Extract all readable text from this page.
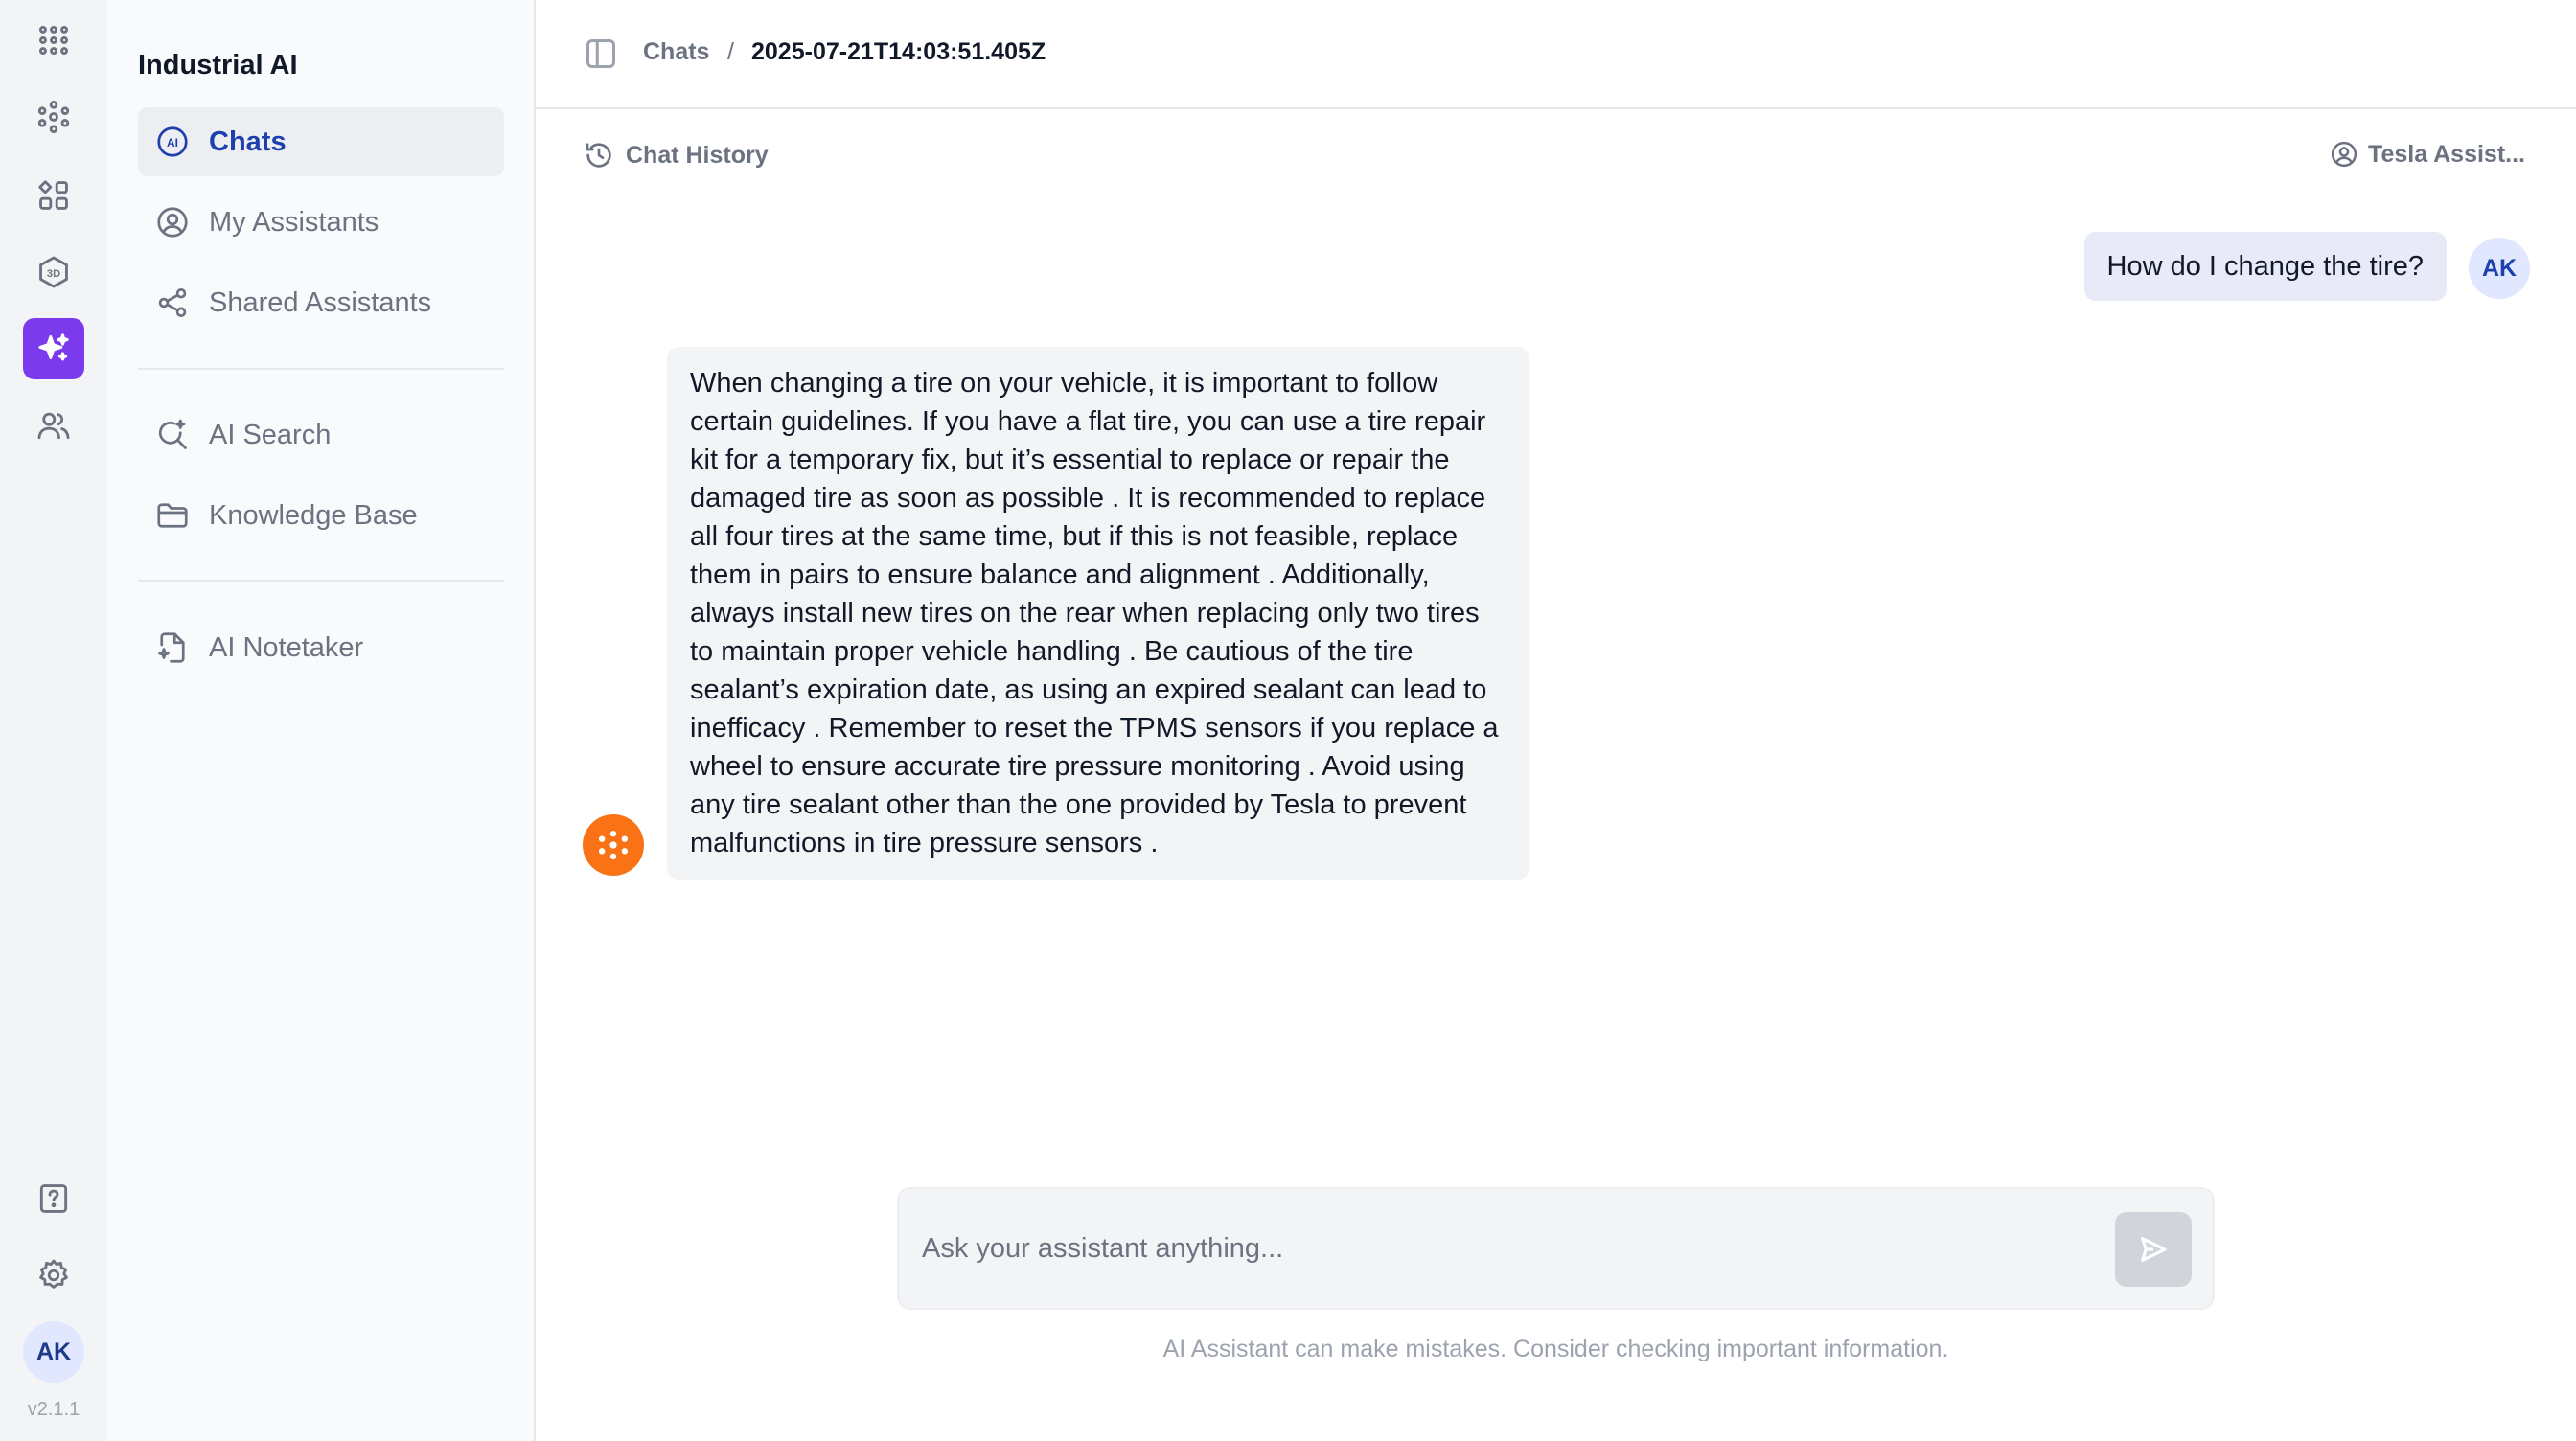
3D
AK
v2.1.1
Industrial AI
AI Chats
My Assistants
Shared Assistants
AI Search
Knowledge Base
AI Notetaker
Chats / 2025-07-21T14:03:51.405Z
Chat History	Tesla Assist...
How do I change the tire?	AK
When changing a tire on your vehicle, it is important to follow certain guidelines. If you have a flat tire, you can use a tire repair kit for a temporary fix, but it’s essential to replace or repair the damaged tire as soon as possible . It is recommended to replace all four tires at the same time, but if this is not feasible, replace them in pairs to ensure balance and alignment . Additionally, always install new tires on the rear when replacing only two tires to maintain proper vehicle handling . Be cautious of the tire sealant’s expiration date, as using an expired sealant can lead to inefficacy . Remember to reset the TPMS sensors if you replace a wheel to ensure accurate tire pressure monitoring . Avoid using any tire sealant other than the one provided by Tesla to prevent malfunctions in tire pressure sensors .
Ask your assistant anything...
AI Assistant can make mistakes. Consider checking important information.
